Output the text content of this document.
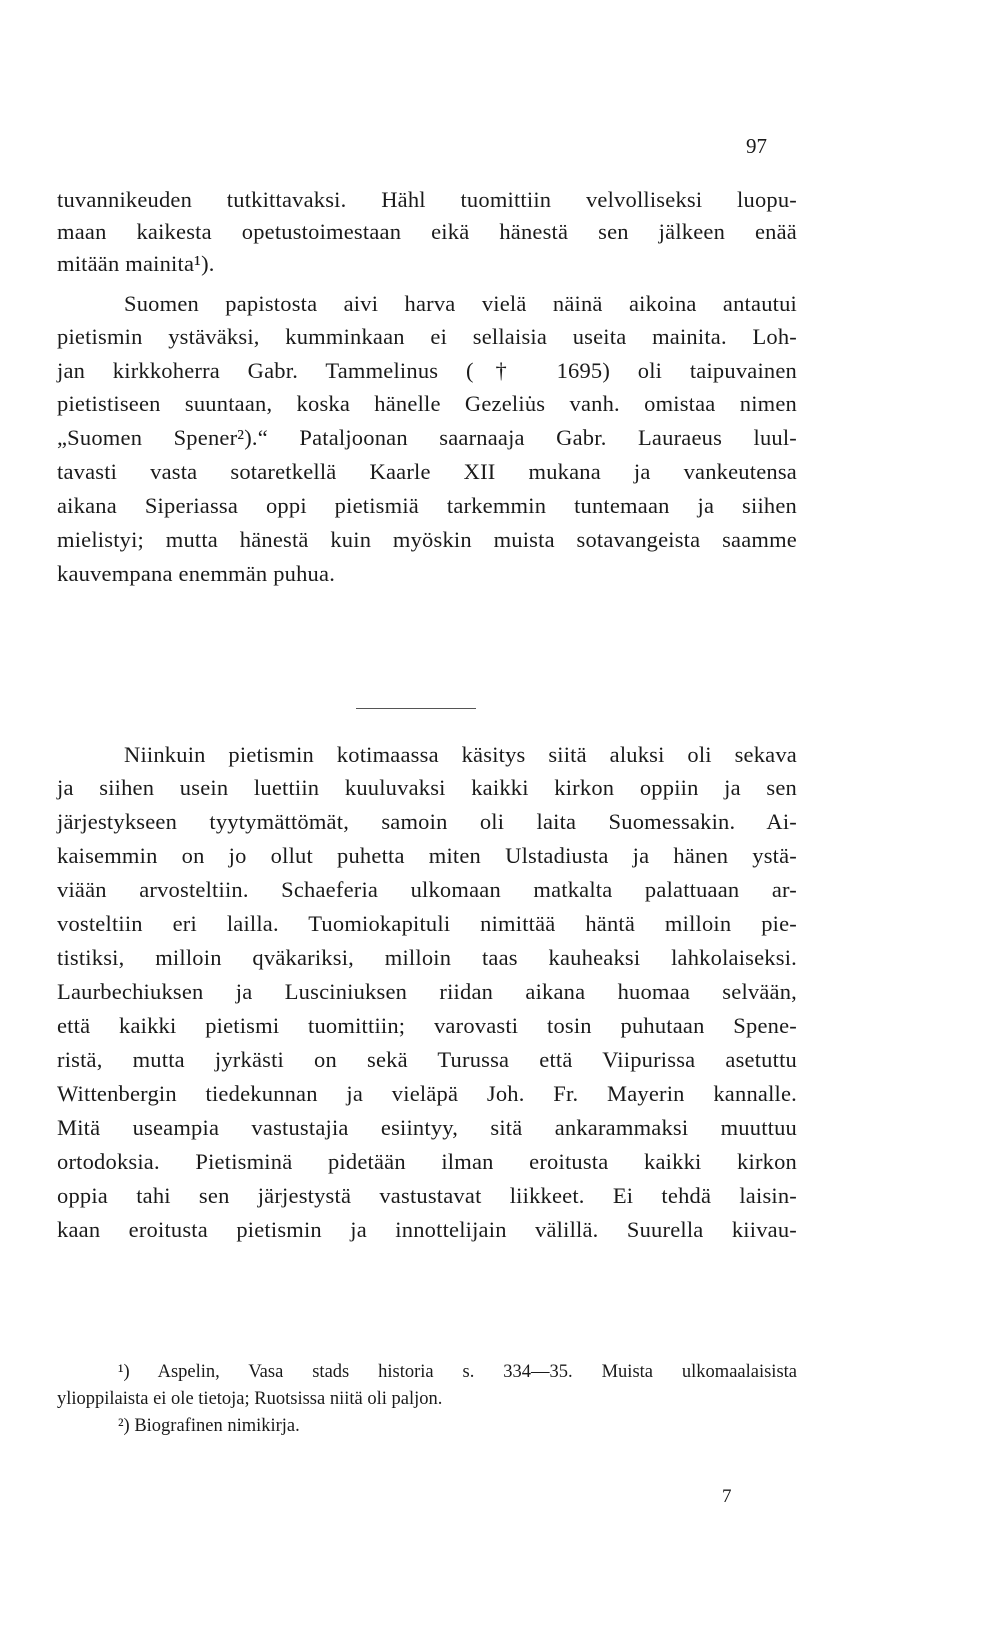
97
tuvannikeuden tutkittavaksi. Hähl tuomittiin velvolliseksi luopu-
maan kaikesta opetustoimestaan eikä hänestä sen jälkeen enää
mitään mainita¹).
Suomen papistosta aivi harva vielä näinä aikoina antautui
pietismin ystäväksi, kumminkaan ei sellaisia useita mainita. Loh-
jan kirkkoherra Gabr. Tammelinus († 1695) oli taipuvainen
pietistiseen suuntaan, koska hänelle Gezeliu̇s vanh. omistaa nimen
„Suomen Spener²).“ Pataljoonan saarnaaja Gabr. Lauraeus luul-
tavasti vasta sotaretkellä Kaarle XII mukana ja vankeutensa
aikana Siperiassa oppi pietismiä tarkemmin tuntemaan ja siihen
mielistyi; mutta hänestä kuin myöskin muista sotavangeista saamme
kauvempana enemmän puhua.
Niinkuin pietismin kotimaassa käsitys siitä aluksi oli sekava
ja siihen usein luettiin kuuluvaksi kaikki kirkon oppiin ja sen
järjestykseen tyytymättömät, samoin oli laita Suomessakin. Ai-
kaisemmin on jo ollut puhetta miten Ulstadiusta ja hänen ystä-
viään arvosteltiin. Schaeferia ulkomaan matkalta palattuaan ar-
vosteltiin eri lailla. Tuomiokapituli nimittää häntä milloin pie-
tistiksi, milloin qväkariksi, milloin taas kauheaksi lahkolaiseksi.
Laurbechiuksen ja Lusciniuksen riidan aikana huomaa selvään,
että kaikki pietismi tuomittiin; varovasti tosin puhutaan Spene-
ristä, mutta jyrkästi on sekä Turussa että Viipurissa asetuttu
Wittenbergin tiedekunnan ja vieläpä Joh. Fr. Mayerin kannalle.
Mitä useampia vastustajia esiintyy, sitä ankarammaksi muuttuu
ortodoksia. Pietisminä pidetään ilman eroitusta kaikki kirkon
oppia tahi sen järjestystä vastustavat liikkeet. Ei tehdä laisin-
kaan eroitusta pietismin ja innottelijain välillä. Suurella kiivau-
¹) Aspelin, Vasa stads historia s. 334—35. Muista ulkomaalaisista
ylioppilaista ei ole tietoja; Ruotsissa niitä oli paljon.
²) Biografinen nimikirja.
7
